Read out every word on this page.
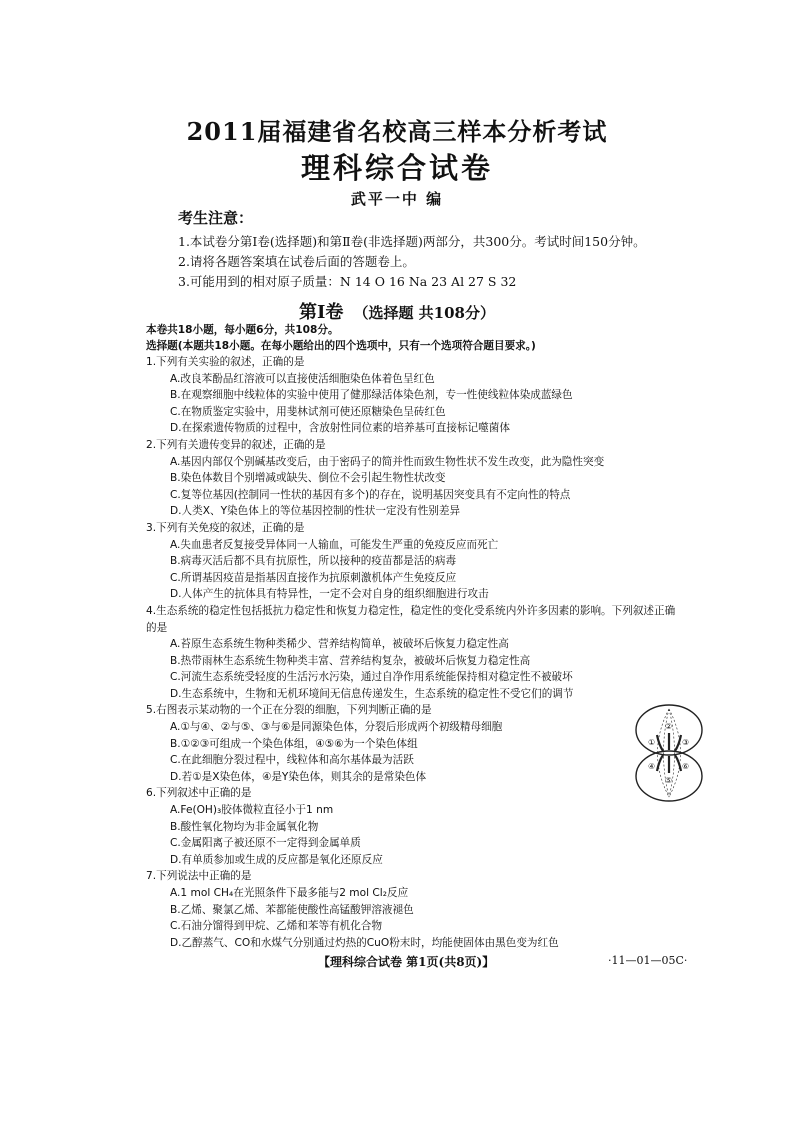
2011届福建省名校高三样本分析考试
理科综合试卷
武平一中 编
考生注意：
1.本试卷分第Ⅰ卷(选择题)和第Ⅱ卷(非选择题)两部分，共300分。考试时间150分钟。
2.请将各题答案填在试卷后面的答题卷上。
3.可能用到的相对原子质量：N 14 O 16 Na 23 Al 27 S 32
第Ⅰ卷 （选择题 共108分）
本卷共18小题，每小题6分，共108分。
选择题(本题共18小题。在每小题给出的四个选项中，只有一个选项符合题目要求。)
1.下列有关实验的叙述，正确的是
A.改良苯酚品红溶液可以直接使活细胞染色体着色呈红色
B.在观察细胞中线粒体的实验中使用了健那绿活体染色剂，专一性使线粒体染成蓝绿色
C.在物质鉴定实验中，用斐林试剂可使还原糖染色呈砖红色
D.在探索遗传物质的过程中，含放射性同位素的培养基可直接标记噬菌体
2.下列有关遗传变异的叙述，正确的是
A.基因内部仅个别碱基改变后，由于密码子的简并性而致生物性状不发生改变，此为隐性突变
B.染色体数目个别增减或缺失、倒位不会引起生物性状改变
C.复等位基因(控制同一性状的基因有多个)的存在，说明基因突变具有不定向性的特点
D.人类X、Y染色体上的等位基因控制的性状一定没有性别差异
3.下列有关免疫的叙述，正确的是
A.失血患者反复接受异体同一人输血，可能发生严重的免疫反应而死亡
B.病毒灭活后都不具有抗原性，所以接种的疫苗都是活的病毒
C.所谓基因疫苗是指基因直接作为抗原刺激机体产生免疫反应
D.人体产生的抗体具有特异性，一定不会对自身的组织细胞进行攻击
4.生态系统的稳定性包括抵抗力稳定性和恢复力稳定性，稳定性的变化受系统内外许多因素的影响。下列叙述正确的是
A.苔原生态系统生物种类稀少、营养结构简单，被破坏后恢复力稳定性高
B.热带雨林生态系统生物种类丰富、营养结构复杂，被破坏后恢复力稳定性高
C.河流生态系统受轻度的生活污水污染，通过自净作用系统能保持相对稳定性不被破坏
D.生态系统中，生物和无机环境间无信息传递发生，生态系统的稳定性不受它们的调节
5.右图表示某动物的一个正在分裂的细胞，下列判断正确的是
A.①与④、②与⑤、③与⑥是同源染色体，分裂后形成两个初级精母细胞
B.①②③可组成一个染色体组，④⑤⑥为一个染色体组
C.在此细胞分裂过程中，线粒体和高尔基体最为活跃
D.若①是X染色体，④是Y染色体，则其余的是常染色体
6.下列叙述中正确的是
A.Fe(OH)₃胶体微粒直径小于1 nm
B.酸性氧化物均为非金属氧化物
C.金属阳离子被还原不一定得到金属单质
D.有单质参加或生成的反应都是氧化还原反应
7.下列说法中正确的是
A.1 mol CH₄在光照条件下最多能与2 mol Cl₂反应
B.乙烯、聚氯乙烯、苯都能使酸性高锰酸钾溶液褪色
C.石油分馏得到甲烷、乙烯和苯等有机化合物
D.乙醇蒸气、CO和水煤气分别通过灼热的CuO粉末时，均能使固体由黑色变为红色
①
②
③
④
⑤
⑥
【理科综合试卷 第1页(共8页)】	·11—01—05C·
